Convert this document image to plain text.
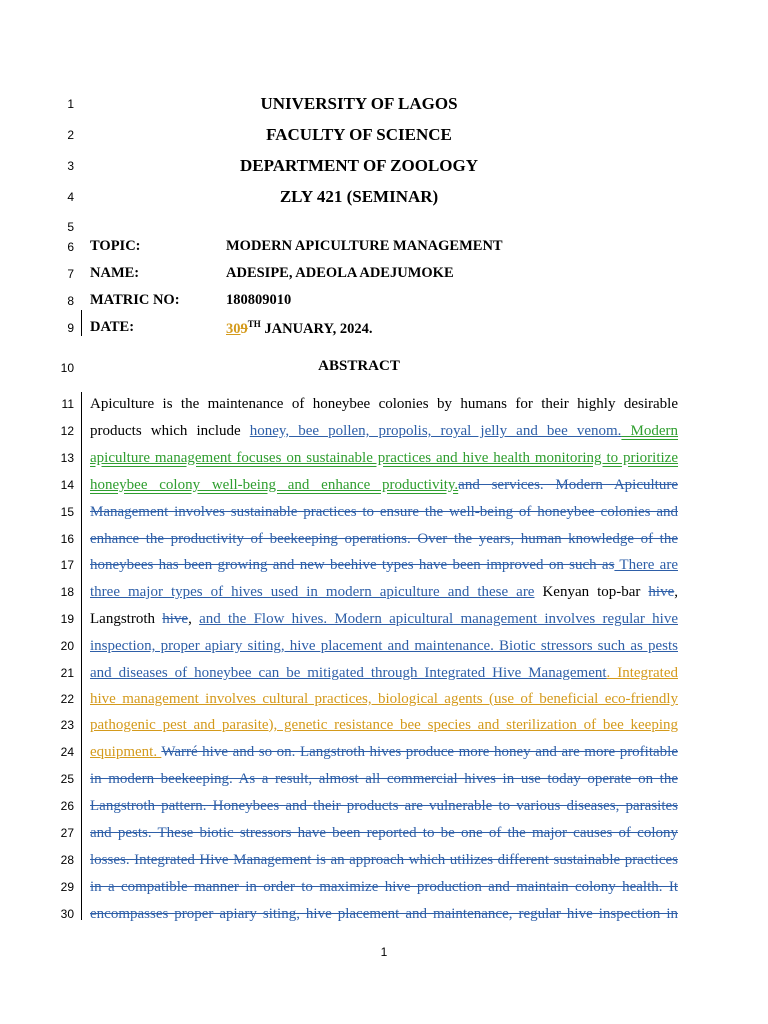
1
2
3
4
5
6
7
8
9
10
11
12
13
14
15
16
17
18
19
20
21
22
23
24
25
26
27
28
29
30
UNIVERSITY OF LAGOS
FACULTY OF SCIENCE
DEPARTMENT OF ZOOLOGY
ZLY 421 (SEMINAR)
TOPIC:	MODERN APICULTURE MANAGEMENT
NAME:	ADESIPE, ADEOLA ADEJUMOKE
MATRIC NO:	180809010
DATE:	309TH JANUARY, 2024.
ABSTRACT
Apiculture is the maintenance of honeybee colonies by humans for their highly desirable
products which include honey, bee pollen, propolis, royal jelly and bee venom. Modern
apiculture management focuses on sustainable practices and hive health monitoring to prioritize
honeybee colony well-being and enhance productivity.and services. Modern Apiculture
Management involves sustainable practices to ensure the well-being of honeybee colonies and
enhance the productivity of beekeeping operations. Over the years, human knowledge of the
honeybees has been growing and new beehive types have been improved on such as There are
three major types of hives used in modern apiculture and these are Kenyan top-bar hive,
Langstroth hive, and the Flow hives. Modern apicultural management involves regular hive
inspection, proper apiary siting, hive placement and maintenance. Biotic stressors such as pests
and diseases of honeybee can be mitigated through Integrated Hive Management. Integrated
hive management involves cultural practices, biological agents (use of beneficial eco-friendly
pathogenic pest and parasite), genetic resistance bee species and sterilization of bee keeping
equipment. Warré hive and so on. Langstroth hives produce more honey and are more profitable
in modern beekeeping. As a result, almost all commercial hives in use today operate on the
Langstroth pattern. Honeybees and their products are vulnerable to various diseases, parasites
and pests. These biotic stressors have been reported to be one of the major causes of colony
losses. Integrated Hive Management is an approach which utilizes different sustainable practices
in a compatible manner in order to maximize hive production and maintain colony health. It
encompasses proper apiary siting, hive placement and maintenance, regular hive inspection in
1
